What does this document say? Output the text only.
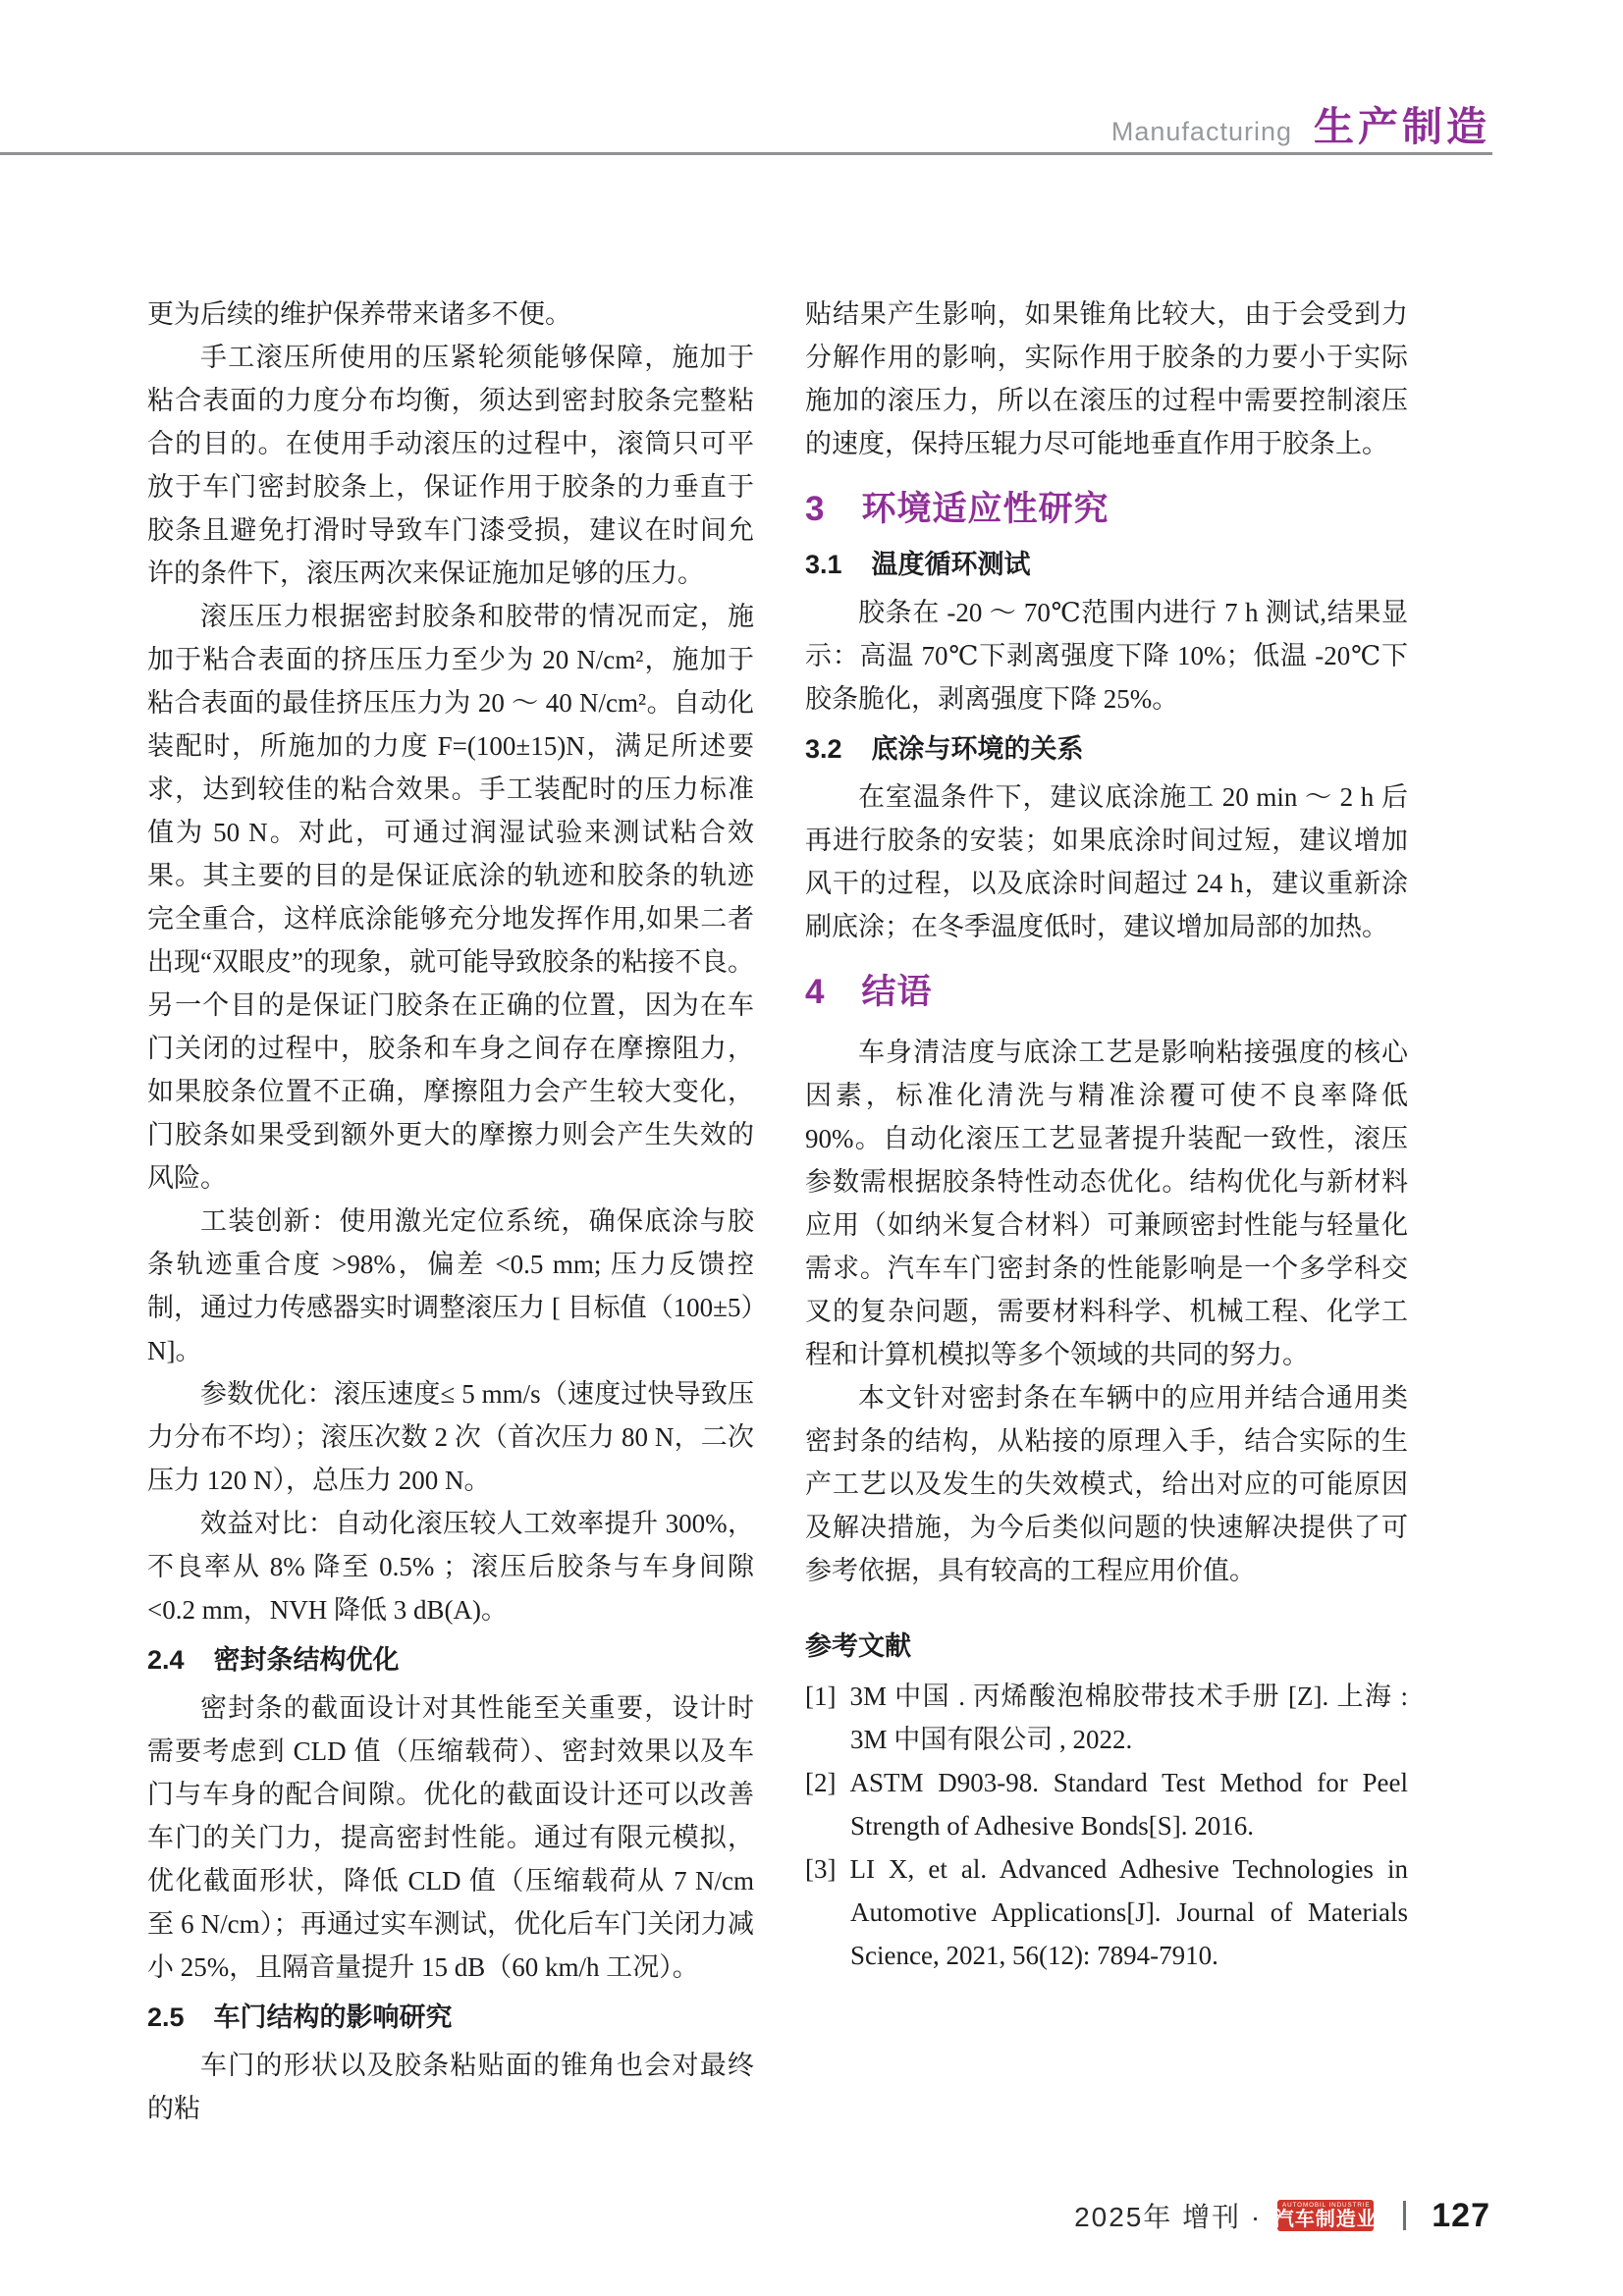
Manufacturing 生产制造

更为后续的维护保养带来诸多不便。

手工滚压所使用的压紧轮须能够保障，施加于粘合表面的力度分布均衡，须达到密封胶条完整粘合的目的。在使用手动滚压的过程中，滚筒只可平放于车门密封胶条上，保证作用于胶条的力垂直于胶条且避免打滑时导致车门漆受损，建议在时间允许的条件下，滚压两次来保证施加足够的压力。

滚压压力根据密封胶条和胶带的情况而定，施加于粘合表面的挤压压力至少为 20 N/cm²，施加于粘合表面的最佳挤压压力为 20 ～ 40 N/cm²。自动化装配时，所施加的力度 F=(100±15)N，满足所述要求，达到较佳的粘合效果。手工装配时的压力标准值为 50 N。对此，可通过润湿试验来测试粘合效果。其主要的目的是保证底涂的轨迹和胶条的轨迹完全重合，这样底涂能够充分地发挥作用,如果二者出现“双眼皮”的现象，就可能导致胶条的粘接不良。另一个目的是保证门胶条在正确的位置，因为在车门关闭的过程中，胶条和车身之间存在摩擦阻力，如果胶条位置不正确，摩擦阻力会产生较大变化，门胶条如果受到额外更大的摩擦力则会产生失效的风险。

工装创新：使用激光定位系统，确保底涂与胶条轨迹重合度 >98%，偏差 <0.5 mm; 压力反馈控制，通过力传感器实时调整滚压力 [ 目标值（100±5）N]。

参数优化：滚压速度≤ 5 mm/s（速度过快导致压力分布不均）；滚压次数 2 次（首次压力 80 N，二次压力 120 N），总压力 200 N。

效益对比：自动化滚压较人工效率提升 300%，不良率从 8% 降至 0.5% ；滚压后胶条与车身间隙 <0.2 mm，NVH 降低 3 dB(A)。

2.4 密封条结构优化

密封条的截面设计对其性能至关重要，设计时需要考虑到 CLD 值（压缩载荷）、密封效果以及车门与车身的配合间隙。优化的截面设计还可以改善车门的关门力，提高密封性能。通过有限元模拟，优化截面形状，降低 CLD 值（压缩载荷从 7 N/cm 至 6 N/cm）；再通过实车测试，优化后车门关闭力减小 25%，且隔音量提升 15 dB（60 km/h 工况）。

2.5 车门结构的影响研究

车门的形状以及胶条粘贴面的锥角也会对最终的粘

贴结果产生影响，如果锥角比较大，由于会受到力分解作用的影响，实际作用于胶条的力要小于实际施加的滚压力，所以在滚压的过程中需要控制滚压的速度，保持压辊力尽可能地垂直作用于胶条上。

3 环境适应性研究
3.1 温度循环测试

胶条在 -20 ～ 70℃范围内进行 7 h 测试,结果显示：高温 70℃下剥离强度下降 10%；低温 -20℃下胶条脆化，剥离强度下降 25%。

3.2 底涂与环境的关系

在室温条件下，建议底涂施工 20 min ～ 2 h 后再进行胶条的安装；如果底涂时间过短，建议增加风干的过程，以及底涂时间超过 24 h，建议重新涂刷底涂；在冬季温度低时，建议增加局部的加热。

4 结语

车身清洁度与底涂工艺是影响粘接强度的核心因素，标准化清洗与精准涂覆可使不良率降低 90%。自动化滚压工艺显著提升装配一致性，滚压参数需根据胶条特性动态优化。结构优化与新材料应用（如纳米复合材料）可兼顾密封性能与轻量化需求。汽车车门密封条的性能影响是一个多学科交叉的复杂问题，需要材料科学、机械工程、化学工程和计算机模拟等多个领域的共同的努力。

本文针对密封条在车辆中的应用并结合通用类密封条的结构，从粘接的原理入手，结合实际的生产工艺以及发生的失效模式，给出对应的可能原因及解决措施，为今后类似问题的快速解决提供了可参考依据，具有较高的工程应用价值。

参考文献

[1] 3M 中国 . 丙烯酸泡棉胶带技术手册 [Z]. 上海 : 3M 中国有限公司 , 2022.

[2] ASTM D903-98. Standard Test Method for Peel Strength of Adhesive Bonds[S]. 2016.

[3] LI X, et al. Advanced Adhesive Technologies in Automotive Applications[J]. Journal of Materials Science, 2021, 56(12): 7894-7910.

2025年 增刊 ·	AUTOMOBIL INDUSTRIE
汽车制造业 127
